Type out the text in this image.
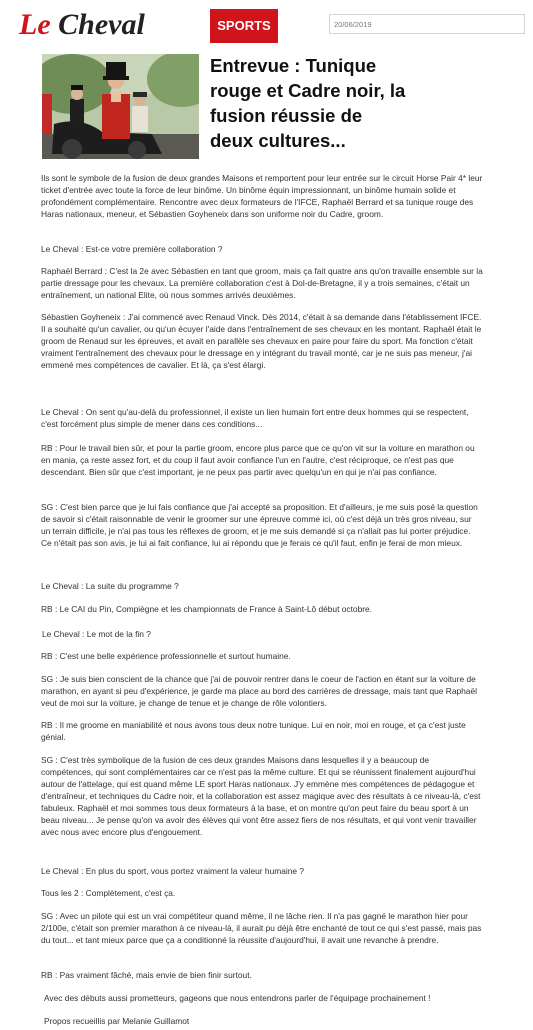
Le Cheval	SPORTS	20/06/2019
Entrevue : Tunique rouge et Cadre noir, la fusion réussie de deux cultures...

Ils sont le symbole de la fusion de deux grandes Maisons et remportent pour leur entrée sur le circuit Horse Pair 4* leur ticket d'entrée avec toute la force de leur binôme. Un binôme équin impressionnant, un binôme humain solide et profondément complémentaire. Rencontre avec deux formateurs de l'IFCE, Raphaël Berrard et sa tunique rouge des Haras nationaux, meneur, et Sébastien Goyheneix dans son uniforme noir du Cadre, groom.

Le Cheval : Est-ce votre première collaboration ?

Raphaël Berrard : C'est la 2e avec Sébastien en tant que groom, mais ça fait quatre ans qu'on travaille ensemble sur la partie dressage pour les chevaux. La première collaboration c'est à Dol-de-Bretagne, il y a trois semaines, c'était un entraînement, un national Elite, où nous sommes arrivés deuxièmes.

Sébastien Goyheneix : J'ai commencé avec Renaud Vinck. Dès 2014, c'était à sa demande dans l'établissement IFCE. Il a souhaité qu'un cavalier, ou qu'un écuyer l'aide dans l'entraînement de ses chevaux en les montant. Raphaël était le groom de Renaud sur les épreuves, et avait en parallèle ses chevaux en paire pour faire du sport. Ma fonction c'était vraiment l'entraînement des chevaux pour le dressage en y intégrant du travail monté, car je ne suis pas meneur, j'ai emmené mes compétences de cavalier. Et là, ça s'est élargi.

Le Cheval : On sent qu'au-delà du professionnel, il existe un lien humain fort entre deux hommes qui se respectent, c'est forcément plus simple de mener dans ces conditions...

RB : Pour le travail bien sûr, et pour la partie groom, encore plus parce que ce qu'on vit sur la voiture en marathon ou en mania, ça reste assez fort, et du coup il faut avoir confiance l'un en l'autre, c'est réciproque, ce n'est pas que descendant. Bien sûr que c'est important, je ne peux pas partir avec quelqu'un en qui je n'ai pas confiance.

SG : C'est bien parce que je lui fais confiance que j'ai accepté sa proposition. Et d'ailleurs, je me suis posé la question de savoir si c'était raisonnable de venir le groomer sur une épreuve comme ici, où c'est déjà un très gros niveau, sur un terrain difficile, je n'ai pas tous les réflexes de groom, et je me suis demandé si ça n'allait pas lui porter préjudice. Ce n'était pas son avis, je lui ai fait confiance, lui ai répondu que je ferais ce qu'il faut, enfin je ferai de mon mieux.

Le Cheval : La suite du programme ?

RB : Le CAI du Pin, Compiègne et les championnats de France à Saint-Lô début octobre.

Le Cheval : Le mot de la fin ?

RB : C'est une belle expérience professionnelle et surtout humaine.

SG : Je suis bien conscient de la chance que j'ai de pouvoir rentrer dans le coeur de l'action en étant sur la voiture de marathon, en ayant si peu d'expérience, je garde ma place au bord des carrières de dressage, mais tant que Raphaël veut de moi sur la voiture, je change de tenue et je change de rôle volontiers.

RB : Il me groome en maniabilité et nous avons tous deux notre tunique. Lui en noir, moi en rouge, et ça c'est juste génial.

SG : C'est très symbolique de la fusion de ces deux grandes Maisons dans lesquelles il y a beaucoup de compétences, qui sont complémentaires car ce n'est pas la même culture. Et qui se réunissent finalement aujourd'hui autour de l'attelage, qui est quand même LE sport Haras nationaux. J'y emmène mes compétences de pédagogue et d'entraîneur, et techniques du Cadre noir, et la collaboration est assez magique avec des résultats à ce niveau-là, c'est fabuleux. Raphaël et moi sommes tous deux formateurs à la base, et on montre qu'on peut faire du beau sport à un beau niveau... Je pense qu'on va avoir des élèves qui vont être assez fiers de nos résultats, et qui vont venir travailler avec nous avec encore plus d'engouement.

Le Cheval : En plus du sport, vous portez vraiment la valeur humaine ?

Tous les 2 : Complètement, c'est ça.

SG : Avec un pilote qui est un vrai compétiteur quand même, il ne lâche rien. Il n'a pas gagné le marathon hier pour 2/100e, c'était son premier marathon à ce niveau-là, il aurait pu déjà être enchanté de tout ce qui s'est passé, mais pas du tout... et tant mieux parce que ça a conditionné la réussite d'aujourd'hui, il avait une revanche à prendre.

RB : Pas vraiment fâché, mais envie de bien finir surtout.

Avec des débuts aussi prometteurs, gageons que nous entendrons parler de l'équipage prochainement !

Propos recueillis par Melanie Guillamot
